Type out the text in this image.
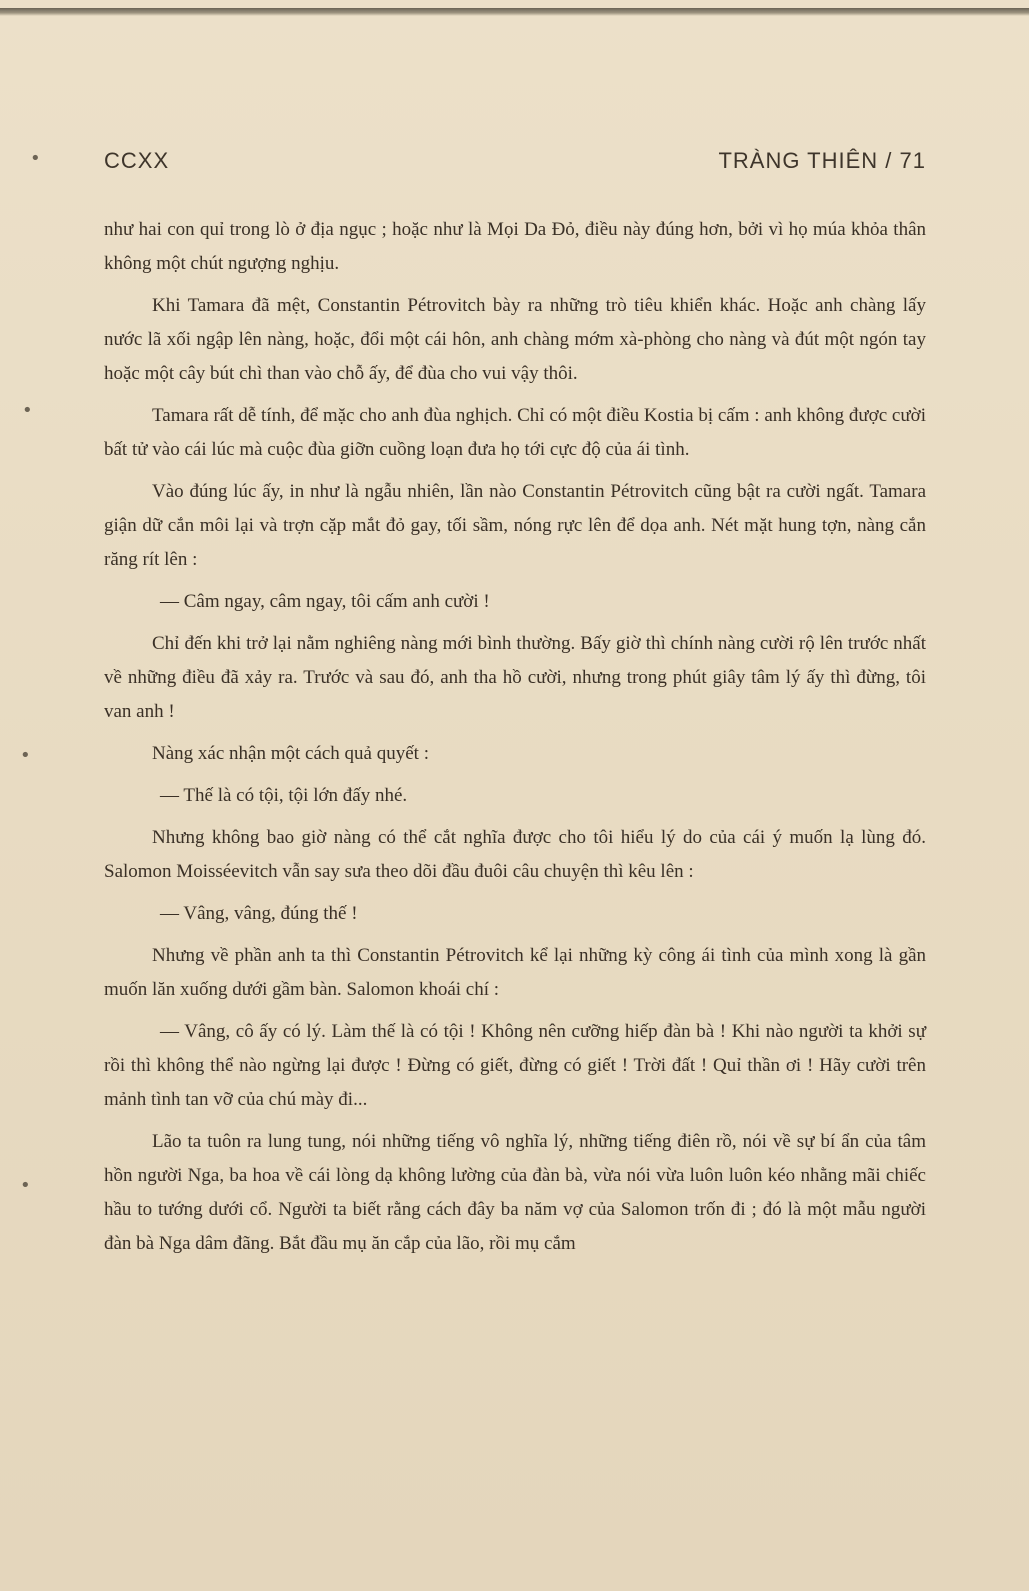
CCXX	TRÀNG THIÊN / 71
•
•
•
•

như hai con quỉ trong lò ở địa ngục ; hoặc như là Mọi Da Đỏ, điều này đúng hơn, bởi vì họ múa khỏa thân không một chút ngượng nghịu.

Khi Tamara đã mệt, Constantin Pétrovitch bày ra những trò tiêu khiển khác. Hoặc anh chàng lấy nước lã xối ngập lên nàng, hoặc, đổi một cái hôn, anh chàng mớm xà-phòng cho nàng và đút một ngón tay hoặc một cây bút chì than vào chỗ ấy, để đùa cho vui vậy thôi.

Tamara rất dễ tính, để mặc cho anh đùa nghịch. Chỉ có một điều Kostia bị cấm : anh không được cười bất tử vào cái lúc mà cuộc đùa giỡn cuồng loạn đưa họ tới cực độ của ái tình.

Vào đúng lúc ấy, in như là ngẫu nhiên, lần nào Constantin Pétrovitch cũng bật ra cười ngất. Tamara giận dữ cắn môi lại và trợn cặp mắt đỏ gay, tối sầm, nóng rực lên để dọa anh. Nét mặt hung tợn, nàng cắn răng rít lên :

— Câm ngay, câm ngay, tôi cấm anh cười !

Chỉ đến khi trở lại nằm nghiêng nàng mới bình thường. Bấy giờ thì chính nàng cười rộ lên trước nhất về những điều đã xảy ra. Trước và sau đó, anh tha hồ cười, nhưng trong phút giây tâm lý ấy thì đừng, tôi van anh !

Nàng xác nhận một cách quả quyết :

— Thế là có tội, tội lớn đấy nhé.

Nhưng không bao giờ nàng có thể cắt nghĩa được cho tôi hiểu lý do của cái ý muốn lạ lùng đó. Salomon Moisséevitch vẫn say sưa theo dõi đầu đuôi câu chuyện thì kêu lên :

— Vâng, vâng, đúng thế !

Nhưng về phần anh ta thì Constantin Pétrovitch kể lại những kỳ công ái tình của mình xong là gần muốn lăn xuống dưới gầm bàn. Salomon khoái chí :

— Vâng, cô ấy có lý. Làm thế là có tội ! Không nên cưỡng hiếp đàn bà ! Khi nào người ta khởi sự rồi thì không thể nào ngừng lại được ! Đừng có giết, đừng có giết ! Trời đất ! Quỉ thần ơi ! Hãy cười trên mảnh tình tan vỡ của chú mày đi...

Lão ta tuôn ra lung tung, nói những tiếng vô nghĩa lý, những tiếng điên rồ, nói về sự bí ẩn của tâm hồn người Nga, ba hoa về cái lòng dạ không lường của đàn bà, vừa nói vừa luôn luôn kéo nhằng mãi chiếc hầu to tướng dưới cổ. Người ta biết rằng cách đây ba năm vợ của Salomon trốn đi ; đó là một mẫu người đàn bà Nga dâm đãng. Bắt đầu mụ ăn cắp của lão, rồi mụ cắm
